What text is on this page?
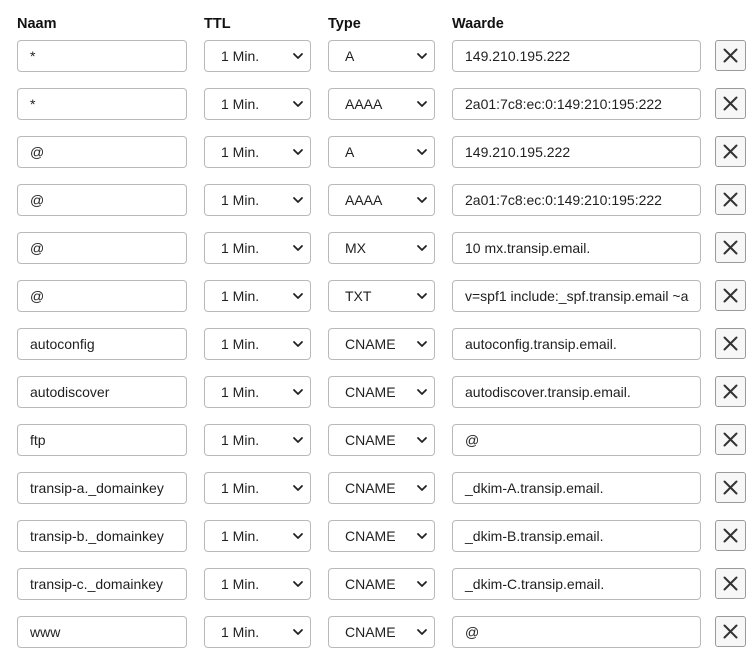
Naam	TTL	Type	Waarde
*	1 Min.	A	149.210.195.222
*	1 Min.	AAAA	2a01:7c8:ec:0:149:210:195:222
@	1 Min.	A	149.210.195.222
@	1 Min.	AAAA	2a01:7c8:ec:0:149:210:195:222
@	1 Min.	MX	10 mx.transip.email.
@	1 Min.	TXT	v=spf1 include:_spf.transip.email ~a
autoconfig	1 Min.	CNAME	autoconfig.transip.email.
autodiscover	1 Min.	CNAME	autodiscover.transip.email.
ftp	1 Min.	CNAME	@
transip-a._domainkey	1 Min.	CNAME	_dkim-A.transip.email.
transip-b._domainkey	1 Min.	CNAME	_dkim-B.transip.email.
transip-c._domainkey	1 Min.	CNAME	_dkim-C.transip.email.
www	1 Min.	CNAME	@
